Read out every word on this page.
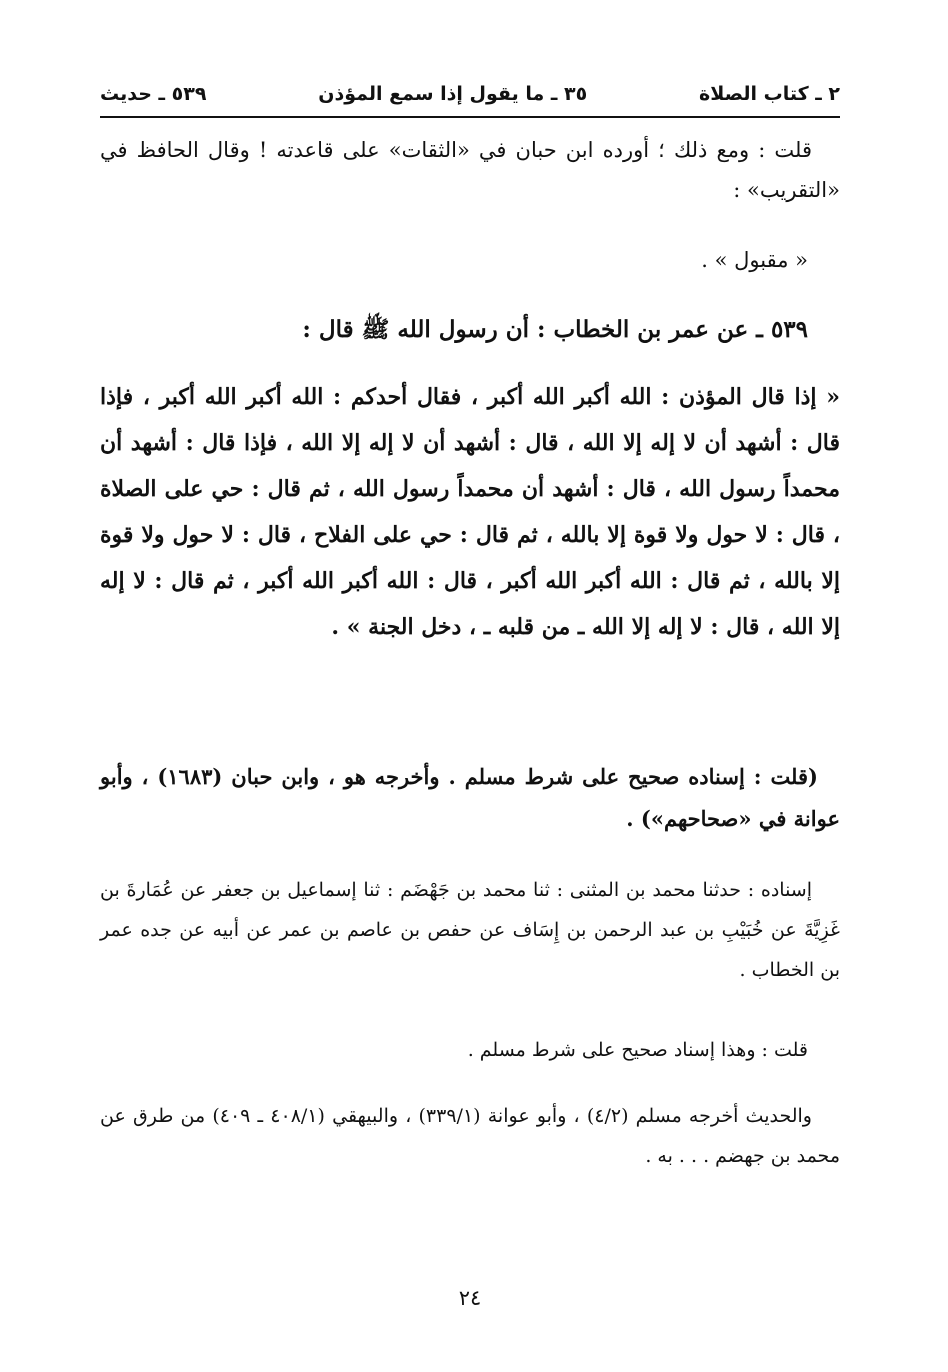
٢ ـ كتاب الصلاة
٣٥ ـ ما يقول إذا سمع المؤذن
٥٣٩ ـ حديث
قلت : ومع ذلك ؛ أورده ابن حبان في «الثقات» على قاعدته ! وقال الحافظ في «التقريب» :
« مقبول » .
٥٣٩ ـ عن عمر بن الخطاب : أن رسول الله ﷺ قال :
« إذا قال المؤذن : الله أكبر الله أكبر ، فقال أحدكم : الله أكبر الله أكبر ، فإذا قال : أشهد أن لا إله إلا الله ، قال : أشهد أن لا إله إلا الله ، فإذا قال : أشهد أن محمداً رسول الله ، قال : أشهد أن محمداً رسول الله ، ثم قال : حي على الصلاة ، قال : لا حول ولا قوة إلا بالله ، ثم قال : حي على الفلاح ، قال : لا حول ولا قوة إلا بالله ، ثم قال : الله أكبر الله أكبر ، قال : الله أكبر الله أكبر ، ثم قال : لا إله إلا الله ، قال : لا إله إلا الله ـ من قلبه ـ ، دخل الجنة » .
(قلت : إسناده صحيح على شرط مسلم . وأخرجه هو ، وابن حبان (١٦٨٣) ، وأبو عوانة في «صحاحهم») .
إسناده : حدثنا محمد بن المثنى : ثنا محمد بن جَهْضَم : ثنا إسماعيل بن جعفر عن عُمَارةَ بن غَزِيَّةَ عن خُبَيْبِ بن عبد الرحمن بن إِسَاف عن حفص بن عاصم بن عمر عن أبيه عن جده عمر بن الخطاب .
قلت : وهذا إسناد صحيح على شرط مسلم .
والحديث أخرجه مسلم (٤/٢) ، وأبو عوانة (٣٣٩/١) ، والبيهقي (٤٠٨/١ ـ ٤٠٩) من طرق عن محمد بن جهضم . . . به .
٢٤
